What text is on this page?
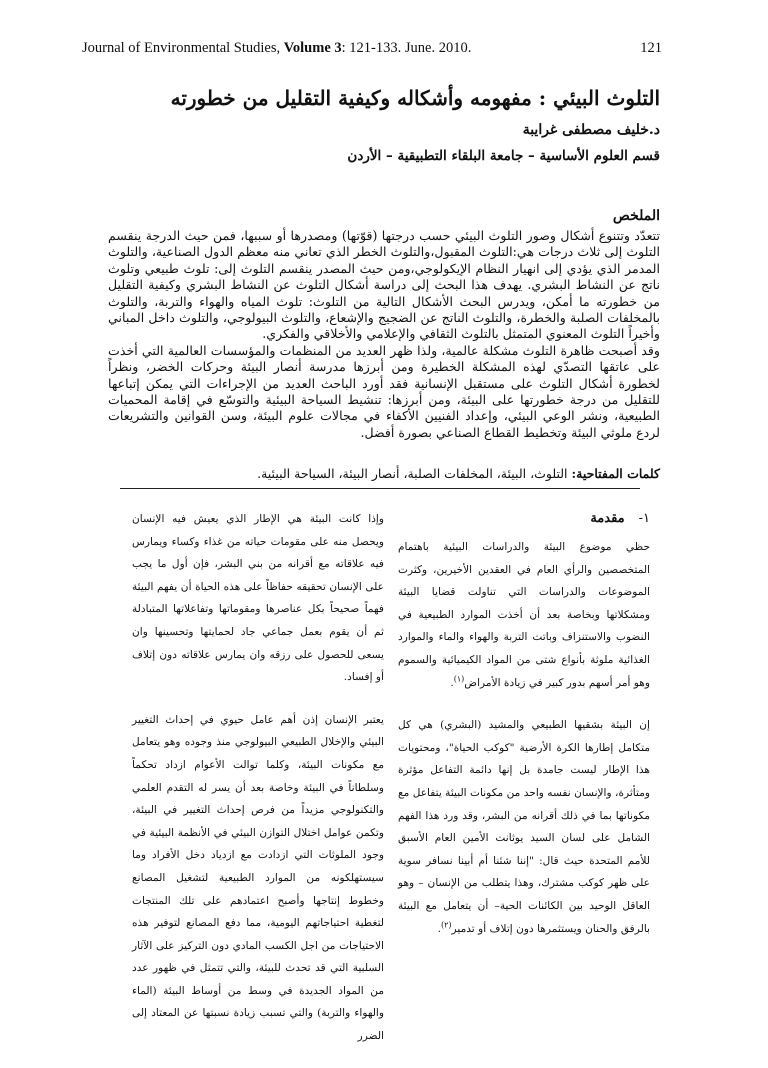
Journal of Environmental Studies, Volume 3: 121-133. June. 2010.	121
التلوث البيئي : مفهومه وأشكاله وكيفية التقليل من خطورته
د.خليف مصطفى غرايبة
قسم العلوم الأساسية – جامعة البلقاء التطبيقية – الأردن
الملخص

تتعدّد وتتنوع أشكال وصور التلوث البيئي حسب درجتها (قوّتها) ومصدرها أو سببها، فمن حيث الدرجة ينقسم التلوث إلى ثلاث درجات هي:التلوث المقبول،والتلوث الخطر الذي تعاني منه معظم الدول الصناعية، والتلوث المدمر الذي يؤدي إلى انهيار النظام الإيكولوجي،ومن حيث المصدر ينقسم التلوث إلى: تلوث طبيعي وتلوث ناتج عن النشاط البشري. يهدف هذا البحث إلى دراسة أشكال التلوث عن النشاط البشري وكيفية التقليل من خطورته ما أمكن، ويدرس البحث الأشكال التالية من التلوث: تلوث المياه والهواء والتربة، والتلوث بالمخلفات الصلبة والخطرة، والتلوث الناتج عن الضجيج والإشعاع، والتلوث البيولوجي، والتلوث داخل المباني وأخيراً التلوث المعنوي المتمثل بالتلوث الثقافي والإعلامي والأخلاقي والفكري.

وقد أصبحت ظاهرة التلوث مشكلة عالمية، ولذا ظهر العديد من المنظمات والمؤسسات العالمية التي أخذت على عاتقها التصدّي لهذه المشكلة الخطيرة ومن أبرزها مدرسة أنصار البيئة وحركات الخضر، ونظراً لخطورة أشكال التلوث على مستقبل الإنسانية فقد أورد الباحث العديد من الإجراءات التي يمكن إتباعها للتقليل من درجة خطورتها على البيئة، ومن أبرزها: تنشيط السياحة البيئية والتوسّع في إقامة المحميات الطبيعية، ونشر الوعي البيئي، وإعداد الفنيين الأكفاء في مجالات علوم البيئة، وسن القوانين والتشريعات لردع ملوثي البيئة وتخطيط القطاع الصناعي بصورة أفضل.

كلمات المفتاحية: التلوث، البيئة، المخلفات الصلبة، أنصار البيئة، السياحة البيئية.
١-مقدمة

حظي موضوع البيئة والدراسات البيئية باهتمام المتخصصين والرأي العام في العقدين الأخيرين، وكثرت الموضوعات والدراسات التي تناولت قضايا البيئة ومشكلاتها وبخاصة بعد أن أخذت الموارد الطبيعية في النضوب والاستنزاف وباتت التربة والهواء والماء والموارد الغذائية ملوثة بأنواع شتى من المواد الكيميائية والسموم وهو أمر أسهم بدور كبير في زيادة الأمراض$^{(١)}$.

إن البيئة بشقيها الطبيعي والمشيد (البشري) هي كل متكامل إطارها الكرة الأرضية "كوكب الحياة"، ومحتويات هذا الإطار ليست جامدة بل إنها دائمة التفاعل مؤثرة ومتأثرة، والإنسان نفسه واحد من مكونات البيئة يتفاعل مع مكوناتها بما في ذلك أقرانه من البشر، وقد ورد هذا الفهم الشامل على لسان السيد يوثانت الأمين العام الأسبق للأمم المتحدة حيث قال: "إننا شئنا أم أبينا نسافر سوية على ظهر كوكب مشترك، وهذا يتطلب من الإنسان – وهو العاقل الوحيد بين الكائنات الحية– أن يتعامل مع البيئة بالرفق والحنان ويستثمرها دون إتلاف أو تدمير$^{(٢)}$.

وإذا كانت البيئة هي الإطار الذي يعيش فيه الإنسان ويحصل منه على مقومات حياته من غذاء وكساء ويمارس فيه علاقاته مع أقرانه من بني البشر، فإن أول ما يجب على الإنسان تحقيقه حفاظاً على هذه الحياة أن يفهم البيئة فهماً صحيحاً بكل عناصرها ومقوماتها وتفاعلاتها المتبادلة ثم أن يقوم بعمل جماعي جاد لحمايتها وتحسينها وان يسعى للحصول على رزقه وان يمارس علاقاته دون إتلاف أو إفساد.

يعتبر الإنسان إذن أهم عامل حيوي في إحداث التغيير البيئي والإخلال الطبيعي البيولوجي منذ وجوده وهو يتعامل مع مكونات البيئة، وكلما توالت الأعوام ازداد تحكماً وسلطاناً في البيئة وخاصة بعد أن يسر له التقدم العلمي والتكنولوجي مزيداً من فرص إحداث التغيير في البيئة، وتكمن عوامل اختلال التوازن البيئي في الأنظمة البيئية في وجود الملوثات التي ازدادت مع ازدياد دخل الأفراد وما سيستهلكونه من الموارد الطبيعية لتشغيل المصانع وخطوط إنتاجها وأصبح اعتمادهم على تلك المنتجات لتغطية احتياجاتهم اليومية، مما دفع المصانع لتوفير هذه الاحتياجات من اجل الكسب المادي دون التركيز على الآثار السلبية التي قد تحدث للبيئة، والتي تتمثل في ظهور عدد من المواد الجديدة في وسط من أوساط البيئة (الماء والهواء والتربة) والتي تسبب زيادة نسبتها عن المعتاد إلى الضرر
